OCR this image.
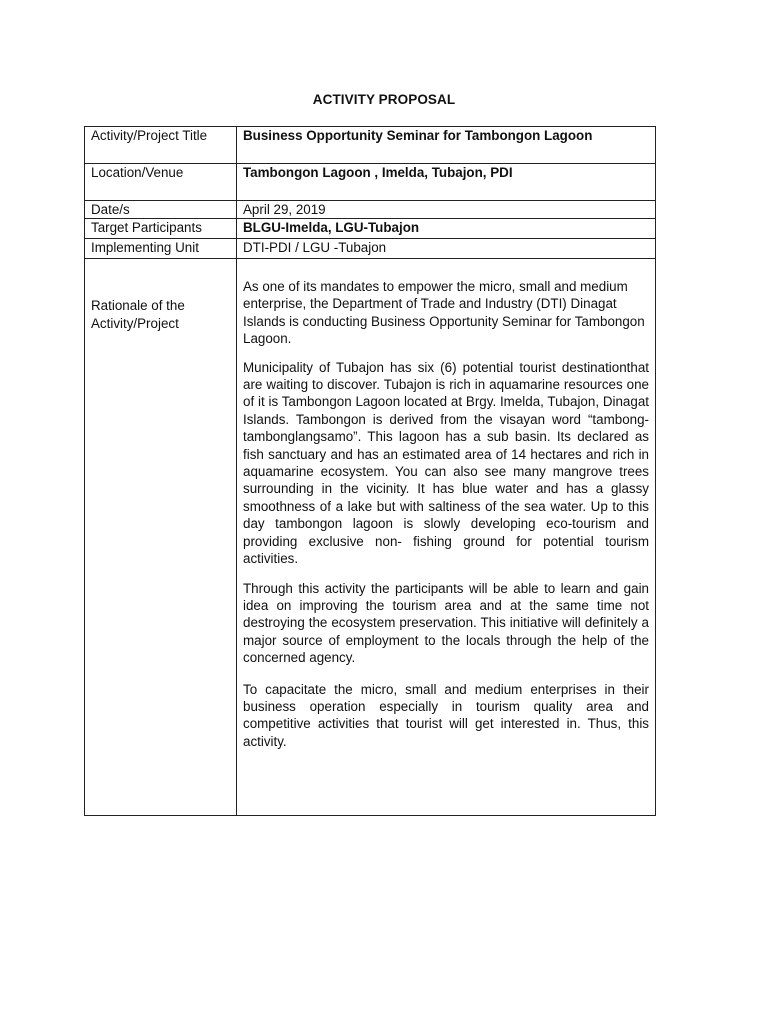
ACTIVITY PROPOSAL
Activity/Project Title	Business Opportunity Seminar for Tambongon Lagoon
Location/Venue	Tambongon Lagoon , Imelda, Tubajon, PDI
Date/s	April 29, 2019
Target Participants	BLGU-Imelda, LGU-Tubajon
Implementing Unit	DTI-PDI / LGU -Tubajon
Rationale of the Activity/Project	As one of its mandates to empower the micro, small and medium enterprise, the Department of Trade and Industry (DTI) Dinagat Islands is conducting Business Opportunity Seminar for Tambongon Lagoon.

Municipality of Tubajon has six (6) potential tourist destinationthat are waiting to discover. Tubajon is rich in aquamarine resources one of it is Tambongon Lagoon located at Brgy. Imelda, Tubajon, Dinagat Islands. Tambongon is derived from the visayan word “tambong-tambonglangsamo”. This lagoon has a sub basin. Its declared as fish sanctuary and has an estimated area of 14 hectares and rich in aquamarine ecosystem. You can also see many mangrove trees surrounding in the vicinity. It has blue water and has a glassy smoothness of a lake but with saltiness of the sea water. Up to this day tambongon lagoon is slowly developing eco-tourism and providing exclusive non- fishing ground for potential tourism activities.

Through this activity the participants will be able to learn and gain idea on improving the tourism area and at the same time not destroying the ecosystem preservation. This initiative will definitely a major source of employment to the locals through the help of the concerned agency.

To capacitate the micro, small and medium enterprises in their business operation especially in tourism quality area and competitive activities that tourist will get interested in. Thus, this activity.
